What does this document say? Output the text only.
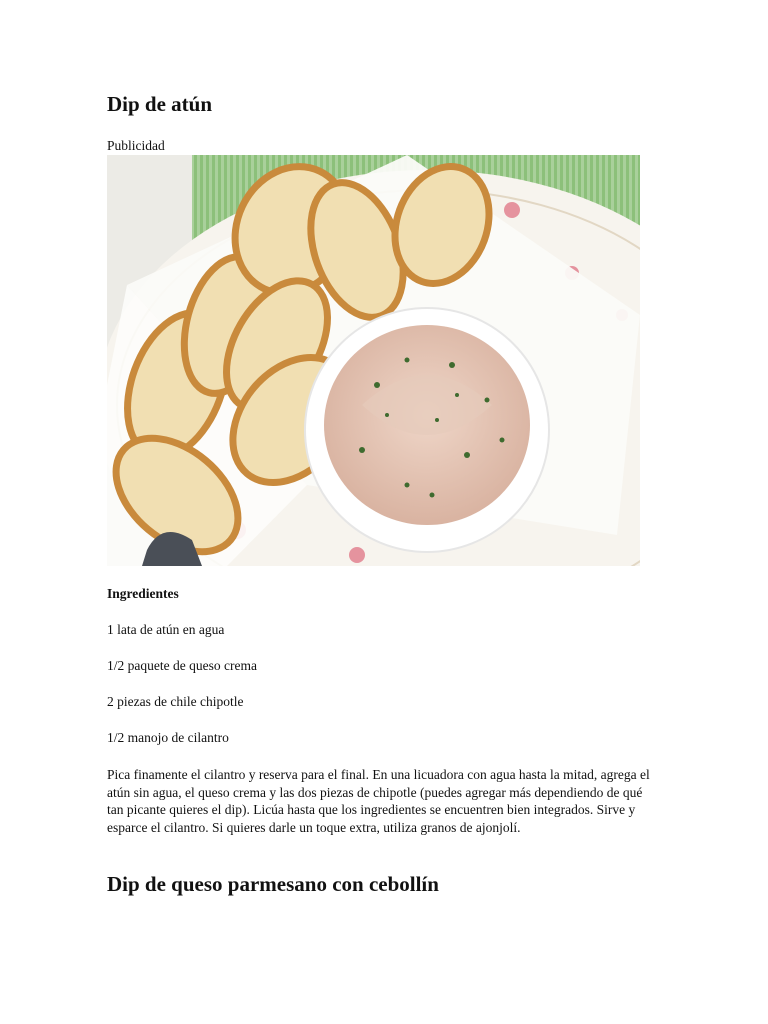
Dip de atún
Publicidad
Ingredientes
1 lata de atún en agua
1/2 paquete de queso crema
2 piezas de chile chipotle
1/2 manojo de cilantro

Pica finamente el cilantro y reserva para el final. En una licuadora con agua hasta la mitad, agrega el atún sin agua, el queso crema y las dos piezas de chipotle (puedes agregar más dependiendo de qué tan picante quieres el dip). Licúa hasta que los ingredientes se encuentren bien integrados. Sirve y esparce el cilantro. Si quieres darle un toque extra, utiliza granos de ajonjolí.

Dip de queso parmesano con cebollín
